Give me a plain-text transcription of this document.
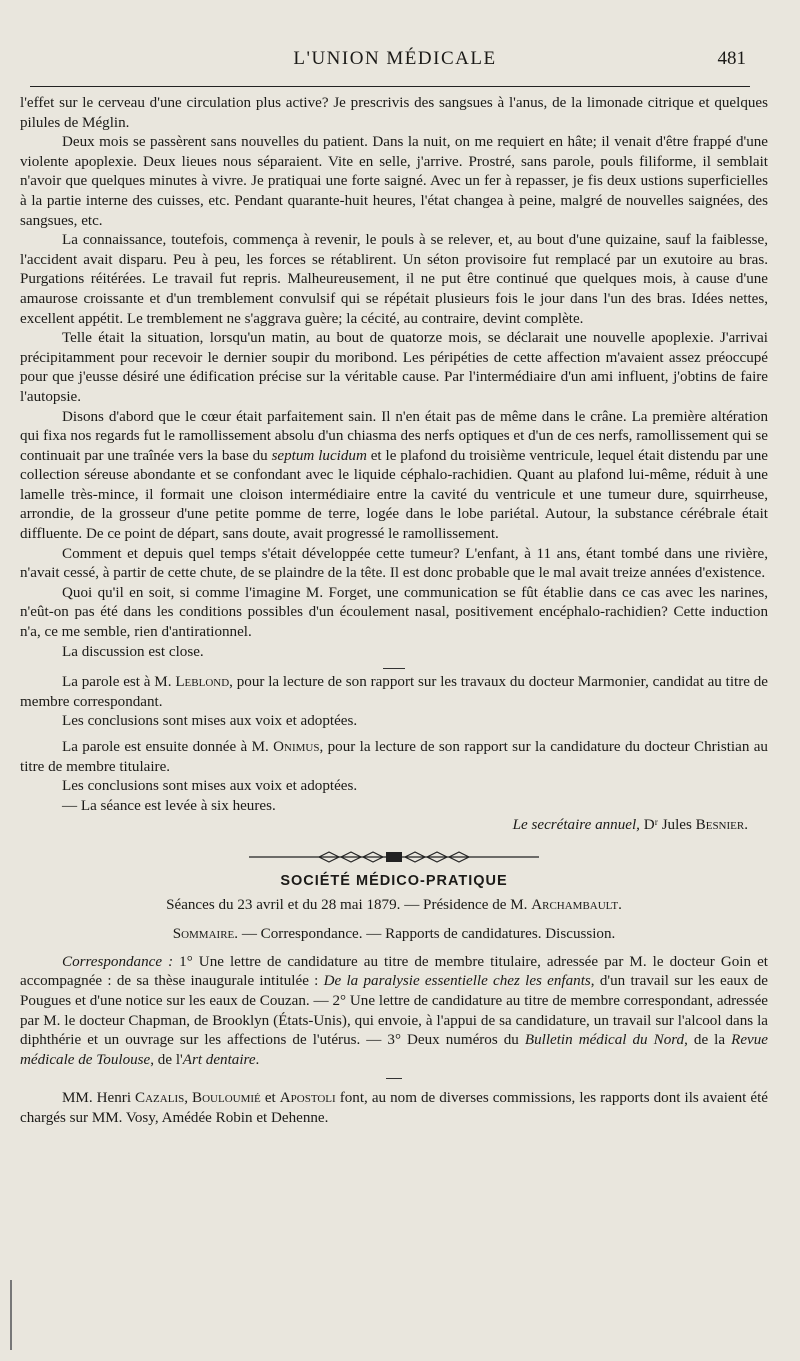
L'UNION MÉDICALE	481

l'effet sur le cerveau d'une circulation plus active? Je prescrivis des sangsues à l'anus, de la limonade citrique et quelques pilules de Méglin.

Deux mois se passèrent sans nouvelles du patient. Dans la nuit, on me requiert en hâte; il venait d'être frappé d'une violente apoplexie. Deux lieues nous séparaient. Vite en selle, j'arrive. Prostré, sans parole, pouls filiforme, il semblait n'avoir que quelques minutes à vivre. Je pratiquai une forte saigné. Avec un fer à repasser, je fis deux ustions superficielles à la partie interne des cuisses, etc. Pendant quarante-huit heures, l'état changea à peine, malgré de nouvelles saignées, des sangsues, etc.

La connaissance, toutefois, commença à revenir, le pouls à se relever, et, au bout d'une quizaine, sauf la faiblesse, l'accident avait disparu. Peu à peu, les forces se rétablirent. Un séton provisoire fut remplacé par un exutoire au bras. Purgations réitérées. Le travail fut repris. Malheureusement, il ne put être continué que quelques mois, à cause d'une amaurose croissante et d'un tremblement convulsif qui se répétait plusieurs fois le jour dans l'un des bras. Idées nettes, excellent appétit. Le tremblement ne s'aggrava guère; la cécité, au contraire, devint complète.

Telle était la situation, lorsqu'un matin, au bout de quatorze mois, se déclarait une nouvelle apoplexie. J'arrivai précipitamment pour recevoir le dernier soupir du moribond. Les péripéties de cette affection m'avaient assez préoccupé pour que j'eusse désiré une édification précise sur la véritable cause. Par l'intermédiaire d'un ami influent, j'obtins de faire l'autopsie.

Disons d'abord que le cœur était parfaitement sain. Il n'en était pas de même dans le crâne. La première altération qui fixa nos regards fut le ramollissement absolu d'un chiasma des nerfs optiques et d'un de ces nerfs, ramollissement qui se continuait par une traînée vers la base du septum lucidum et le plafond du troisième ventricule, lequel était distendu par une collection séreuse abondante et se confondant avec le liquide céphalo-rachidien. Quant au plafond lui-même, réduit à une lamelle très-mince, il formait une cloison intermédiaire entre la cavité du ventricule et une tumeur dure, squirrheuse, arrondie, de la grosseur d'une petite pomme de terre, logée dans le lobe pariétal. Autour, la substance cérébrale était diffluente. De ce point de départ, sans doute, avait progressé le ramollissement.

Comment et depuis quel temps s'était développée cette tumeur? L'enfant, à 11 ans, étant tombé dans une rivière, n'avait cessé, à partir de cette chute, de se plaindre de la tête. Il est donc probable que le mal avait treize années d'existence.

Quoi qu'il en soit, si comme l'imagine M. Forget, une communication se fût établie dans ce cas avec les narines, n'eût-on pas été dans les conditions possibles d'un écoulement nasal, positivement encéphalo-rachidien? Cette induction n'a, ce me semble, rien d'antirationnel.

La discussion est close.

La parole est à M. Leblond, pour la lecture de son rapport sur les travaux du docteur Marmonier, candidat au titre de membre correspondant.

Les conclusions sont mises aux voix et adoptées.

La parole est ensuite donnée à M. Onimus, pour la lecture de son rapport sur la candidature du docteur Christian au titre de membre titulaire.

Les conclusions sont mises aux voix et adoptées.

— La séance est levée à six heures.

Le secrétaire annuel, Dʳ Jules Besnier.

SOCIÉTÉ MÉDICO-PRATIQUE
Séances du 23 avril et du 28 mai 1879. — Présidence de M. Archambault.
Sommaire. — Correspondance. — Rapports de candidatures. Discussion.

Correspondance : 1° Une lettre de candidature au titre de membre titulaire, adressée par M. le docteur Goin et accompagnée : de sa thèse inaugurale intitulée : De la paralysie essentielle chez les enfants, d'un travail sur les eaux de Pougues et d'une notice sur les eaux de Couzan. — 2° Une lettre de candidature au titre de membre correspondant, adressée par M. le docteur Chapman, de Brooklyn (États-Unis), qui envoie, à l'appui de sa candidature, un travail sur l'alcool dans la diphthérie et un ouvrage sur les affections de l'utérus. — 3° Deux numéros du Bulletin médical du Nord, de la Revue médicale de Toulouse, de l'Art dentaire.

MM. Henri Cazalis, Bouloumié et Apostoli font, au nom de diverses commissions, les rapports dont ils avaient été chargés sur MM. Vosy, Amédée Robin et Dehenne.
